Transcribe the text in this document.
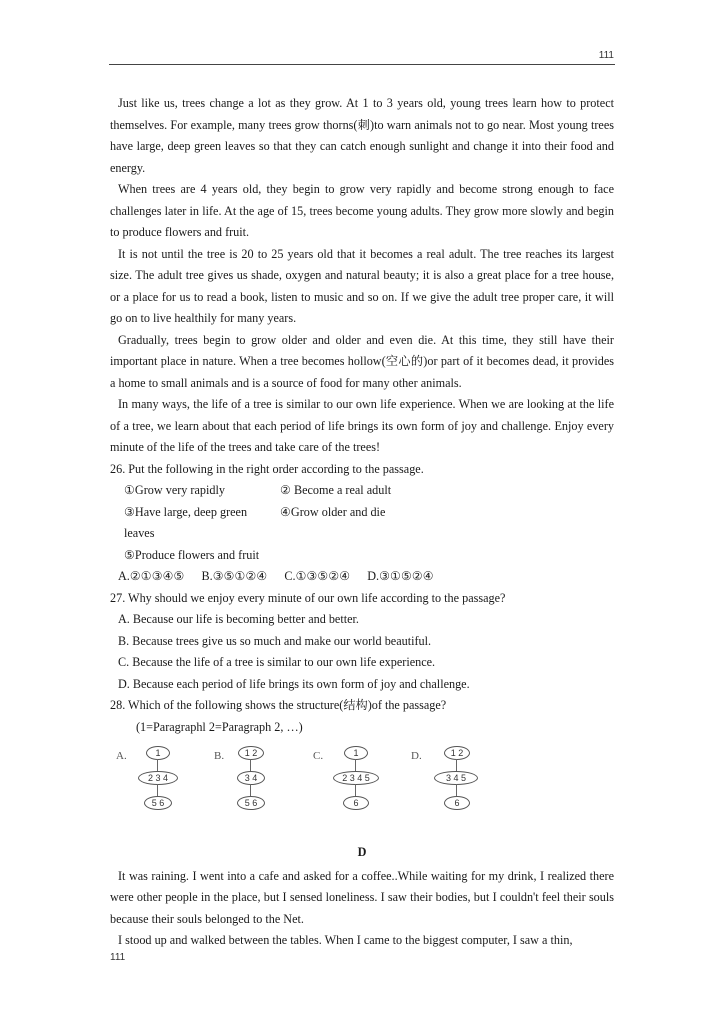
111

Just like us, trees change a lot as they grow. At 1 to 3 years old, young trees learn how to protect themselves. For example, many trees grow thorns(刺)to warn animals not to go near. Most young trees have large, deep green leaves so that they can catch enough sunlight and change it into their food and energy.

When trees are 4 years old, they begin to grow very rapidly and become strong enough to face challenges later in life. At the age of 15, trees become young adults. They grow more slowly and begin to produce flowers and fruit.

It is not until the tree is 20 to 25 years old that it becomes a real adult. The tree reaches its largest size. The adult tree gives us shade, oxygen and natural beauty; it is also a great place for a tree house, or a place for us to read a book, listen to music and so on. If we give the adult tree proper care, it will go on to live healthily for many years.

Gradually, trees begin to grow older and older and even die. At this time, they still have their important place in nature. When a tree becomes hollow(空心的)or part of it becomes dead, it provides a home to small animals and is a source of food for many other animals.

In many ways, the life of a tree is similar to our own life experience. When we are looking at the life of a tree, we learn about that each period of life brings its own form of joy and challenge. Enjoy every minute of the life of the trees and take care of the trees!

26. Put the following in the right order according to the passage.

①Grow very rapidly	② Become a real adult
③Have large, deep green leaves
④Grow older and die
⑤Produce flowers and fruit
A.②①③④⑤ B.③⑤①②④ C.①③⑤②④ D.③①⑤②④

27. Why should we enjoy every minute of our own life according to the passage?

A. Because our life is becoming better and better.

B. Because trees give us so much and make our world beautiful.

C. Because the life of a tree is similar to our own life experience.

D. Because each period of life brings its own form of joy and challenge.

28. Which of the following shows the structure(结构)of the passage?

(1=Paragraphl 2=Paragraph 2, …)

A.	1
2 3 4
5 6
B.	1 2
3 4
5 6
C.	1
2 3 4 5
6
D.	1 2
3 4 5
6

D

It was raining. I went into a cafe and asked for a coffee..While waiting for my drink, I realized there were other people in the place, but I sensed loneliness. I saw their bodies, but I couldn't feel their souls because their souls belonged to the Net.

I stood up and walked between the tables. When I came to the biggest computer, I saw a thin,

111
